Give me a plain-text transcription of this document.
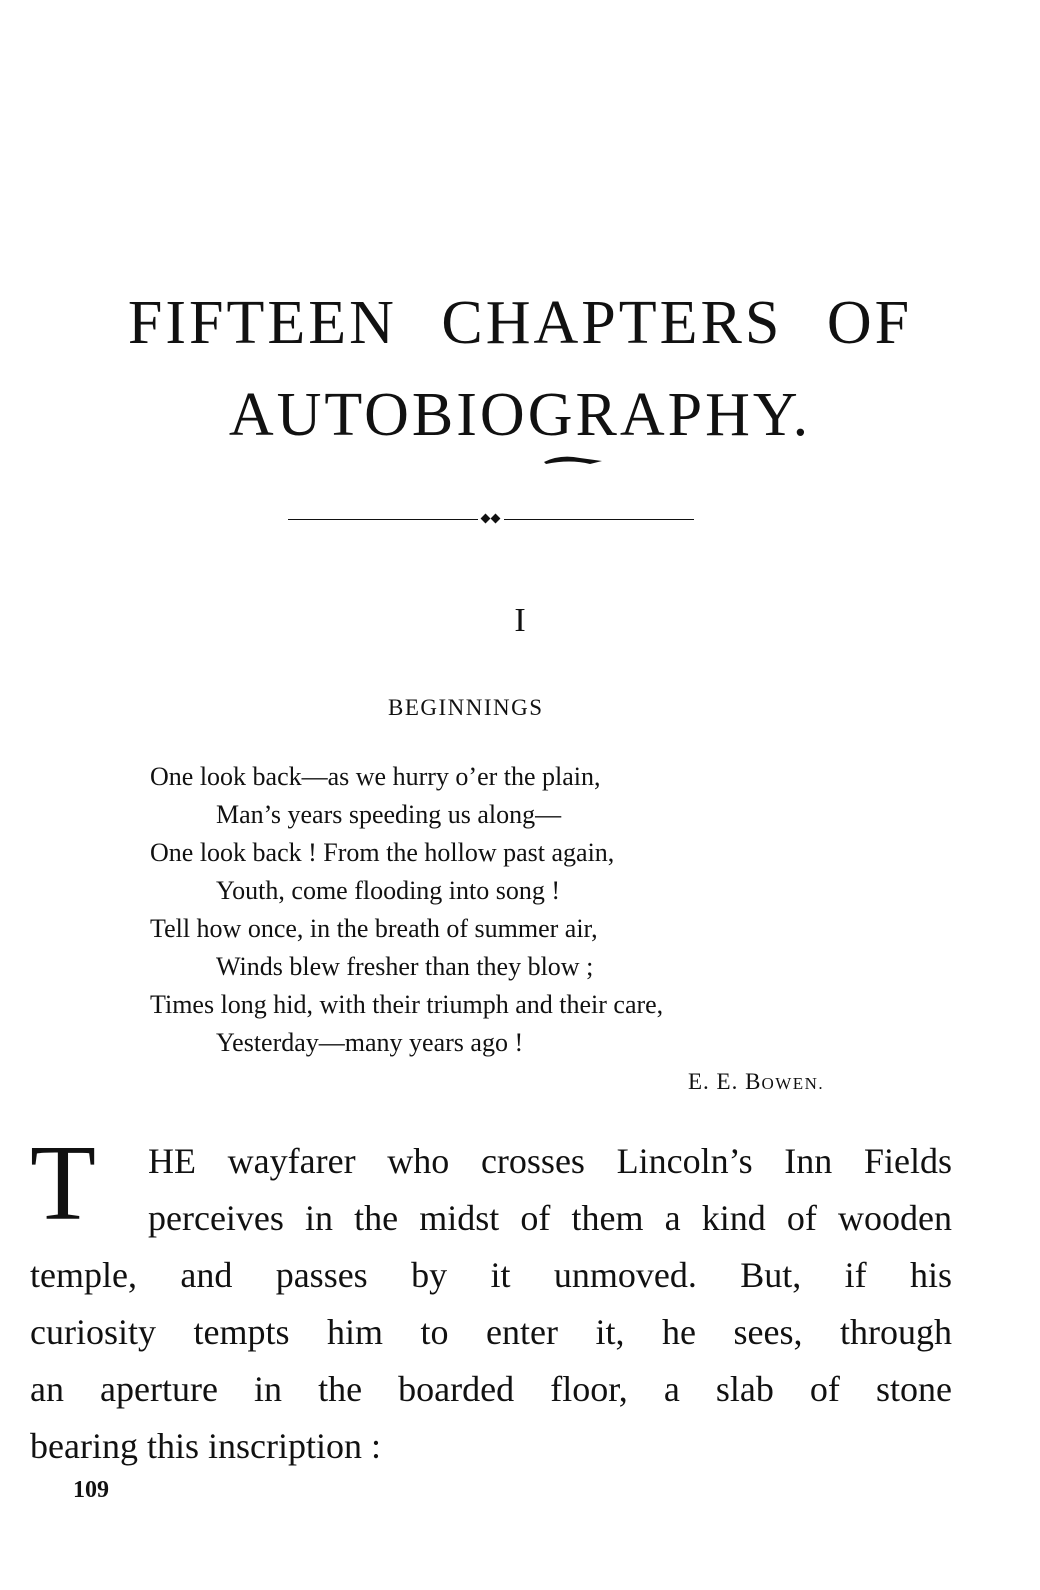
FIFTEEN CHAPTERS OF
AUTOBIOGRAPHY.
I
BEGINNINGS
One look back—as we hurry o’er the plain,
Man’s years speeding us along—
One look back ! From the hollow past again,
Youth, come flooding into song !
Tell how once, in the breath of summer air,
Winds blew fresher than they blow ;
Times long hid, with their triumph and their care,
Yesterday—many years ago !
E. E. BOWEN.
T HE wayfarer who crosses Lincoln’s Inn Fields
perceives in the midst of them a kind of wooden
temple, and passes by it unmoved. But, if his
curiosity tempts him to enter it, he sees, through
an aperture in the boarded floor, a slab of stone
bearing this inscription :
109
